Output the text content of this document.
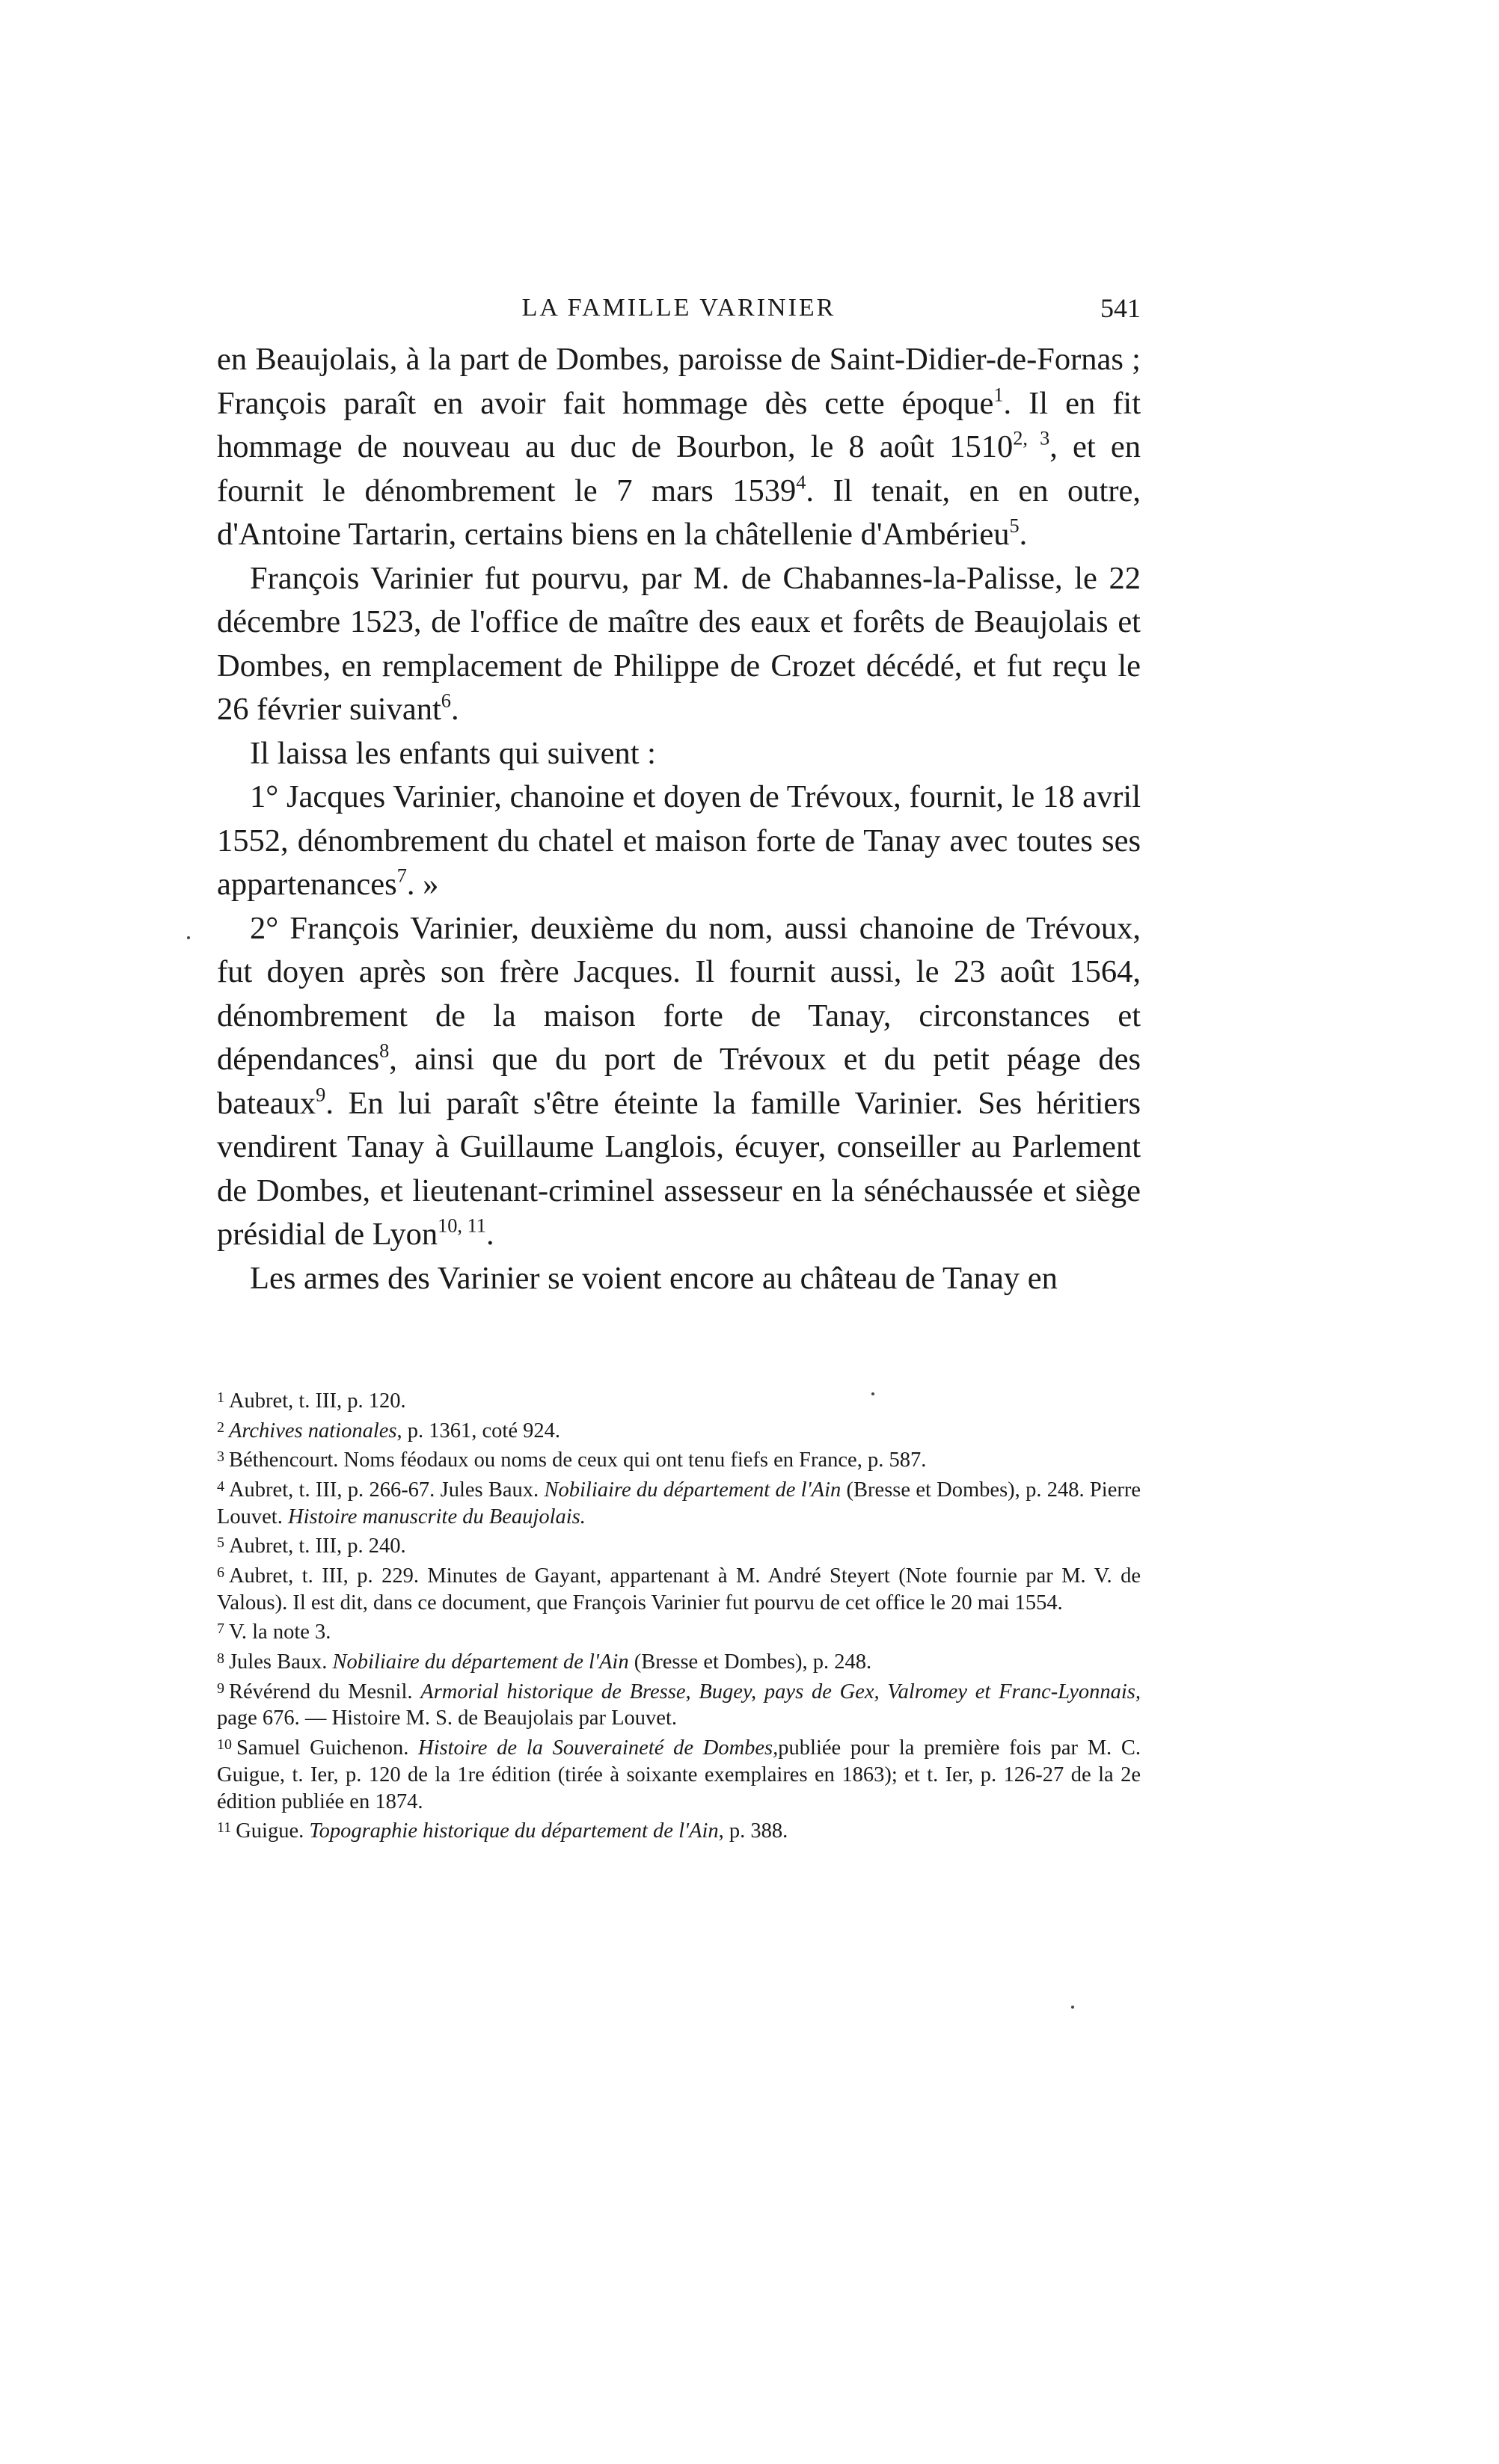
LA FAMILLE VARINIER	541

en Beaujolais, à la part de Dombes, paroisse de Saint-Didier-de-Fornas ; François paraît en avoir fait hommage dès cette époque$^1$. Il en fit hommage de nouveau au duc de Bourbon, le 8 août 1510$^{2, 3}$, et en fournit le dénombrement le 7 mars 1539$^4$. Il tenait, en en outre, d'Antoine Tartarin, certains biens en la châtellenie d'Ambérieu$^5$.

François Varinier fut pourvu, par M. de Chabannes-la-Palisse, le 22 décembre 1523, de l'office de maître des eaux et forêts de Beaujolais et Dombes, en remplacement de Philippe de Crozet décédé, et fut reçu le 26 février suivant$^6$.

Il laissa les enfants qui suivent :

1° Jacques Varinier, chanoine et doyen de Trévoux, fournit, le 18 avril 1552, dénombrement du chatel et maison forte de Tanay avec toutes ses appartenances$^7$. »

2° François Varinier, deuxième du nom, aussi chanoine de Trévoux, fut doyen après son frère Jacques. Il fournit aussi, le 23 août 1564, dénombrement de la maison forte de Tanay, circonstances et dépendances$^8$, ainsi que du port de Trévoux et du petit péage des bateaux$^9$. En lui paraît s'être éteinte la famille Varinier. Ses héritiers vendirent Tanay à Guillaume Langlois, écuyer, conseiller au Parlement de Dombes, et lieutenant-criminel assesseur en la sénéchaussée et siège présidial de Lyon$^{10, 11}$.

Les armes des Varinier se voient encore au château de Tanay en

$^1$ Aubret, t. III, p. 120.

$^2$ Archives nationales, p. 1361, coté 924.

$^3$ Béthencourt. Noms féodaux ou noms de ceux qui ont tenu fiefs en France, p. 587.

$^4$ Aubret, t. III, p. 266-67. Jules Baux. Nobiliaire du département de l'Ain (Bresse et Dombes), p. 248. Pierre Louvet. Histoire manuscrite du Beaujolais.

$^5$ Aubret, t. III, p. 240.

$^6$ Aubret, t. III, p. 229. Minutes de Gayant, appartenant à M. André Steyert (Note fournie par M. V. de Valous). Il est dit, dans ce document, que François Varinier fut pourvu de cet office le 20 mai 1554.

$^7$ V. la note 3.

$^8$ Jules Baux. Nobiliaire du département de l'Ain (Bresse et Dombes), p. 248.

$^9$ Révérend du Mesnil. Armorial historique de Bresse, Bugey, pays de Gex, Valromey et Franc-Lyonnais, page 676. — Histoire M. S. de Beaujolais par Louvet.

$^{10}$ Samuel Guichenon. Histoire de la Souveraineté de Dombes,publiée pour la première fois par M. C. Guigue, t. Ier, p. 120 de la 1re édition (tirée à soixante exemplaires en 1863); et t. Ier, p. 126-27 de la 2e édition publiée en 1874.

$^{11}$ Guigue. Topographie historique du département de l'Ain, p. 388.
